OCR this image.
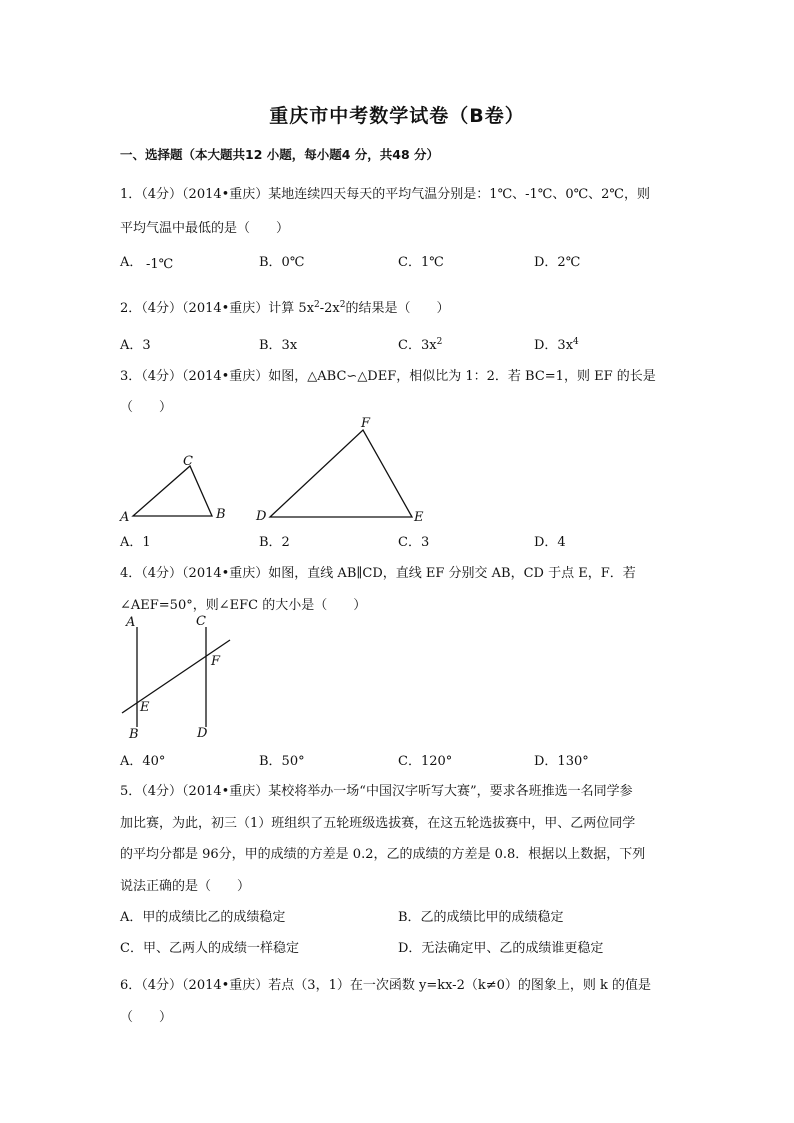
重庆市中考数学试卷（B卷）
一、选择题（本大题共12 小题，每小题4 分，共48 分）
1．（4分）（2014•重庆）某地连续四天每天的平均气温分别是：1℃、-1℃、0℃、2℃，则
平均气温中最低的是（　　）
A． -1℃	B．0℃	C．1℃	D．2℃
2．（4分）（2014•重庆）计算 $5x^2-2x^2$的结果是（　　）
A．3	B．3x	C．$3x^2$	D．$3x^4$
3．（4分）（2014•重庆）如图，△ABC∽△DEF，相似比为 1：2．若 BC=1，则 EF 的长是
（　　）
C
A	B
F
D	E
A	C
F
E
B	D
A．1	B．2	C．3	D．4
4．（4分）（2014•重庆）如图，直线 AB∥CD，直线 EF 分别交 AB，CD 于点 E，F．若
∠AEF=50°，则∠EFC 的大小是（　　）
A．40°	B．50°	C．120°	D．130°
5．（4分）（2014•重庆）某校将举办一场“中国汉字听写大赛”，要求各班推选一名同学参
加比赛，为此，初三（1）班组织了五轮班级选拔赛，在这五轮选拔赛中，甲、乙两位同学
的平均分都是 96分，甲的成绩的方差是 0.2，乙的成绩的方差是 0.8．根据以上数据，下列
说法正确的是（　　）
A．甲的成绩比乙的成绩稳定	B．乙的成绩比甲的成绩稳定
C．甲、乙两人的成绩一样稳定	D．无法确定甲、乙的成绩谁更稳定
6．（4分）（2014•重庆）若点（3，1）在一次函数 y=kx-2（k≠0）的图象上，则 k 的值是
（　　）
